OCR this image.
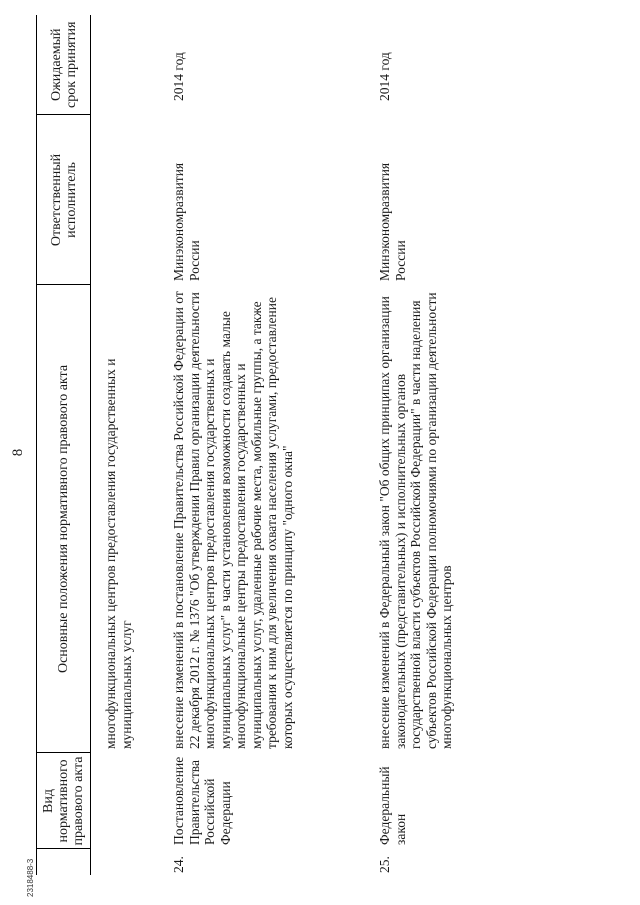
8
2318488-3
	Вид нормативного правового акта	Основные положения нормативного правового акта	Ответственный исполнитель	Ожидаемый срок принятия
		многофункциональных центров предоставления государственных и муниципальных услуг		
24.	Постановление Правительства Российской Федерации	внесение изменений в постановление Правительства Российской Федерации от 22 декабря 2012 г. № 1376 "Об утверждении Правил организации деятельности многофункциональных центров предоставления государственных и муниципальных услуг" в части установления возможности создавать малые многофункциональные центры предоставления государственных и муниципальных услуг, удаленные рабочие места, мобильные группы, а также требования к ним для увеличения охвата населения услугами, предоставление которых осуществляется по принципу "одного окна"	Минэкономразвития России	2014 год
25.	Федеральный закон	внесение изменений в Федеральный закон "Об общих принципах организации законодательных (представительных) и исполнительных органов государственной власти субъектов Российской Федерации" в части наделения субъектов Российской Федерации полномочиями по организации деятельности многофункциональных центров	Минэкономразвития России	2014 год
